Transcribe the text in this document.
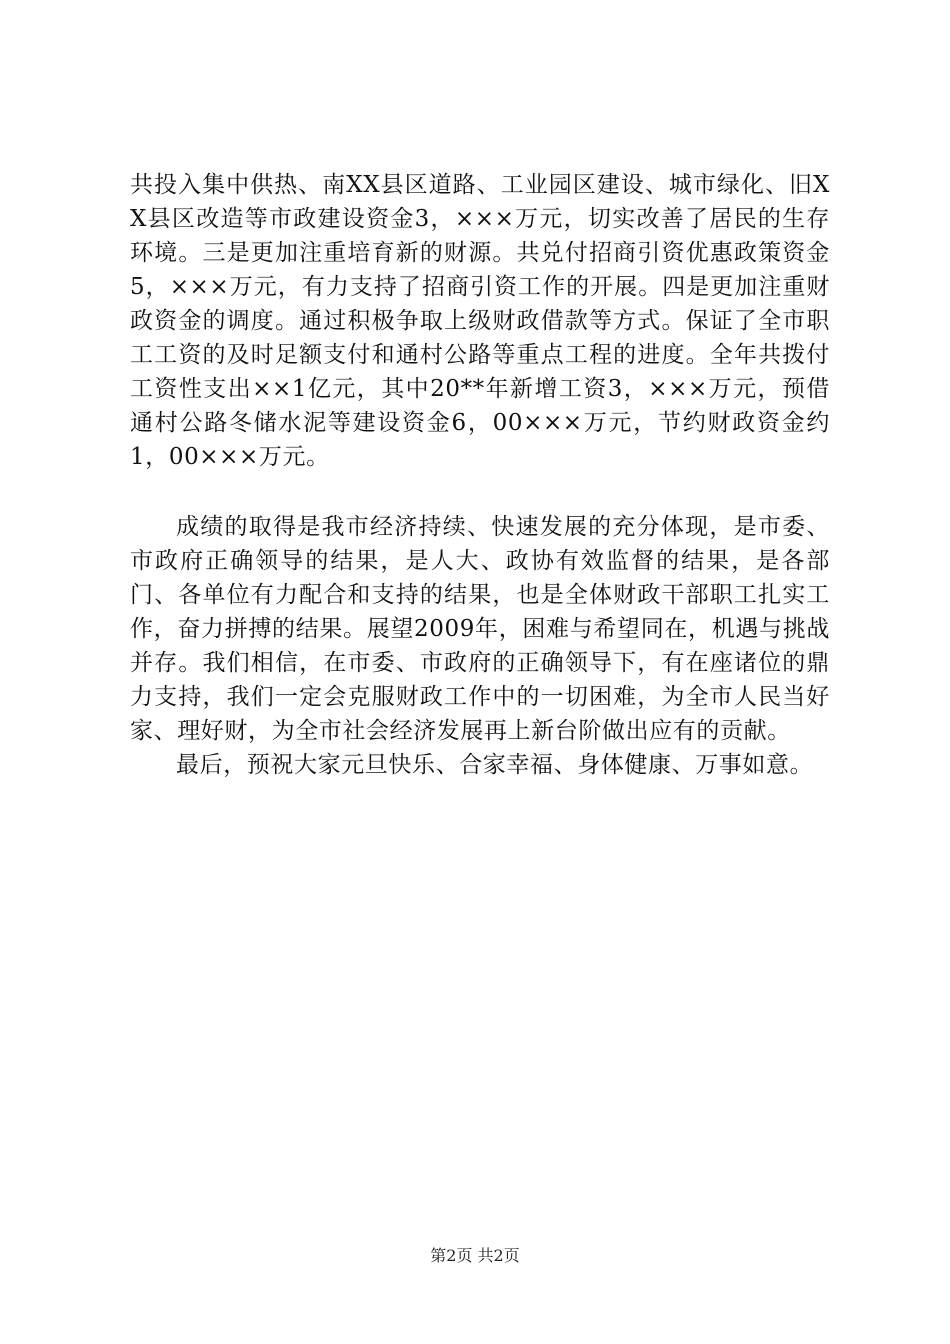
共投入集中供热、南XX县区道路、工业园区建设、城市绿化、旧XX县区改造等市政建设资金3，×××万元，切实改善了居民的生存环境。三是更加注重培育新的财源。共兑付招商引资优惠政策资金5，×××万元，有力支持了招商引资工作的开展。四是更加注重财政资金的调度。通过积极争取上级财政借款等方式。保证了全市职工工资的及时足额支付和通村公路等重点工程的进度。全年共拨付工资性支出××1亿元，其中20**年新增工资3，×××万元，预借通村公路冬储水泥等建设资金6，00×××万元，节约财政资金约1，00×××万元。

成绩的取得是我市经济持续、快速发展的充分体现，是市委、市政府正确领导的结果，是人大、政协有效监督的结果，是各部门、各单位有力配合和支持的结果，也是全体财政干部职工扎实工作，奋力拼搏的结果。展望2009年，困难与希望同在，机遇与挑战并存。我们相信，在市委、市政府的正确领导下，有在座诸位的鼎力支持，我们一定会克服财政工作中的一切困难，为全市人民当好家、理好财，为全市社会经济发展再上新台阶做出应有的贡献。

最后，预祝大家元旦快乐、合家幸福、身体健康、万事如意。

第2页 共2页
